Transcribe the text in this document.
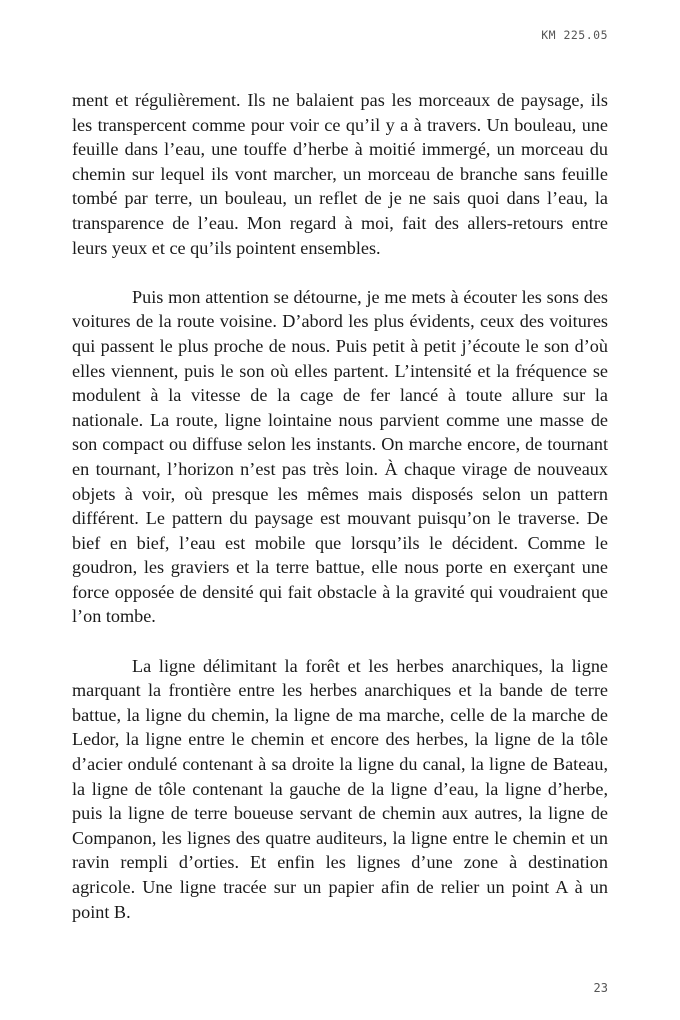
KM 225.05

ment et régulièrement. Ils ne balaient pas les morceaux de paysage, ils les transpercent comme pour voir ce qu’il y a à travers. Un bouleau, une feuille dans l’eau, une touffe d’herbe à moitié immergé, un morceau du chemin sur lequel ils vont marcher, un morceau de branche sans feuille tombé par terre, un bouleau, un reflet de je ne sais quoi dans l’eau, la transparence de l’eau. Mon regard à moi, fait des allers-retours entre leurs yeux et ce qu’ils pointent ensembles.

Puis mon attention se détourne, je me mets à écouter les sons des voitures de la route voisine. D’abord les plus évidents, ceux des voitures qui passent le plus proche de nous. Puis petit à petit j’écoute le son d’où elles viennent, puis le son où elles partent. L’intensité et la fréquence se modulent à la vitesse de la cage de fer lancé à toute allure sur la nationale. La route, ligne lointaine nous parvient comme une masse de son compact ou diffuse selon les instants. On marche encore, de tournant en tournant, l’horizon n’est pas très loin. À chaque virage de nouveaux objets à voir, où presque les mêmes mais disposés selon un pattern différent. Le pattern du paysage est mouvant puisqu’on le traverse. De bief en bief, l’eau est mobile que lorsqu’ils le décident. Comme le goudron, les graviers et la terre battue, elle nous porte en exerçant une force opposée de densité qui fait obstacle à la gravité qui voudraient que l’on tombe.

La ligne délimitant la forêt et les herbes anarchiques, la ligne marquant la frontière entre les herbes anarchiques et la bande de terre battue, la ligne du chemin, la ligne de ma marche, celle de la marche de Ledor, la ligne entre le chemin et encore des herbes, la ligne de la tôle d’acier ondulé contenant à sa droite la ligne du canal, la ligne de Bateau, la ligne de tôle contenant la gauche de la ligne d’eau, la ligne d’herbe, puis la ligne de terre boueuse servant de chemin aux autres, la ligne de Companon, les lignes des quatre auditeurs, la ligne entre le chemin et un ravin rempli d’orties. Et enfin les lignes d’une zone à destination agricole. Une ligne tracée sur un papier afin de relier un point A à un point B.

23
